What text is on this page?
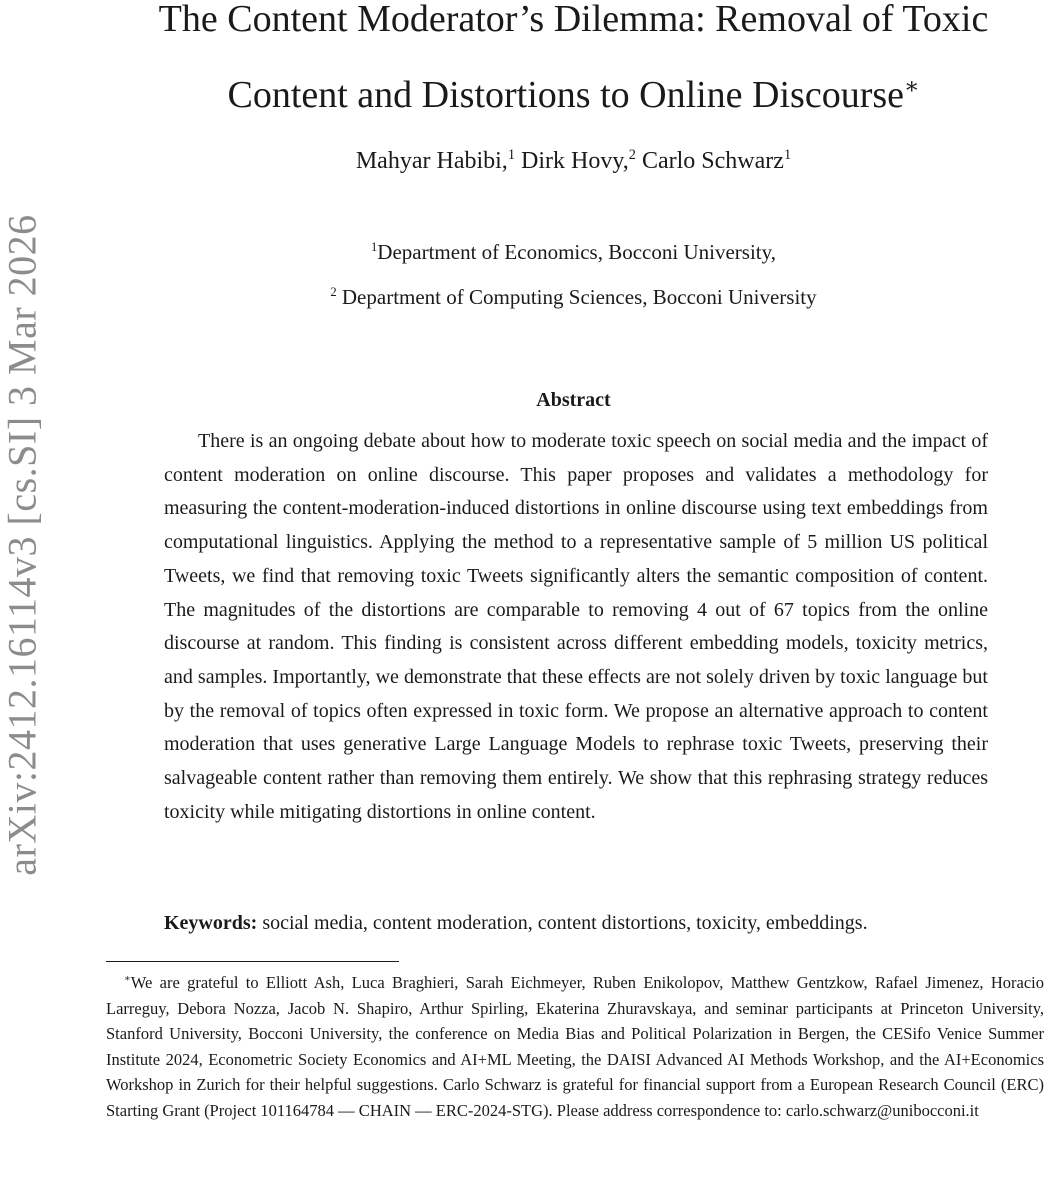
arXiv:2412.16114v3 [cs.SI] 3 Mar 2026
The Content Moderator’s Dilemma: Removal of Toxic
Content and Distortions to Online Discourse∗
Mahyar Habibi,$^1$ Dirk Hovy,$^2$ Carlo Schwarz$^1$
$^1$Department of Economics, Bocconi University,
$^2$ Department of Computing Sciences, Bocconi University
Abstract
There is an ongoing debate about how to moderate toxic speech on social media and the impact of content moderation on online discourse. This paper proposes and validates a methodology for measuring the content-moderation-induced distortions in online discourse using text embeddings from computational linguistics. Applying the method to a representative sample of 5 million US political Tweets, we find that removing toxic Tweets significantly alters the semantic composition of content. The magnitudes of the distortions are comparable to removing 4 out of 67 topics from the online discourse at random. This finding is consistent across different embedding models, toxicity metrics, and samples. Importantly, we demonstrate that these effects are not solely driven by toxic language but by the removal of topics often expressed in toxic form. We propose an alternative approach to content moderation that uses generative Large Language Models to rephrase toxic Tweets, preserving their salvageable content rather than removing them entirely. We show that this rephrasing strategy reduces toxicity while mitigating distortions in online content.
Keywords: social media, content moderation, content distortions, toxicity, embeddings.
∗We are grateful to Elliott Ash, Luca Braghieri, Sarah Eichmeyer, Ruben Enikolopov, Matthew Gentzkow, Rafael Jimenez, Horacio Larreguy, Debora Nozza, Jacob N. Shapiro, Arthur Spirling, Ekaterina Zhuravskaya, and seminar participants at Princeton University, Stanford University, Bocconi University, the conference on Media Bias and Political Polarization in Bergen, the CESifo Venice Summer Institute 2024, Econometric Society Economics and AI+ML Meeting, the DAISI Advanced AI Methods Workshop, and the AI+Economics Workshop in Zurich for their helpful suggestions. Carlo Schwarz is grateful for financial support from a European Research Council (ERC) Starting Grant (Project 101164784 — CHAIN — ERC-2024-STG). Please address correspondence to: carlo.schwarz@unibocconi.it
